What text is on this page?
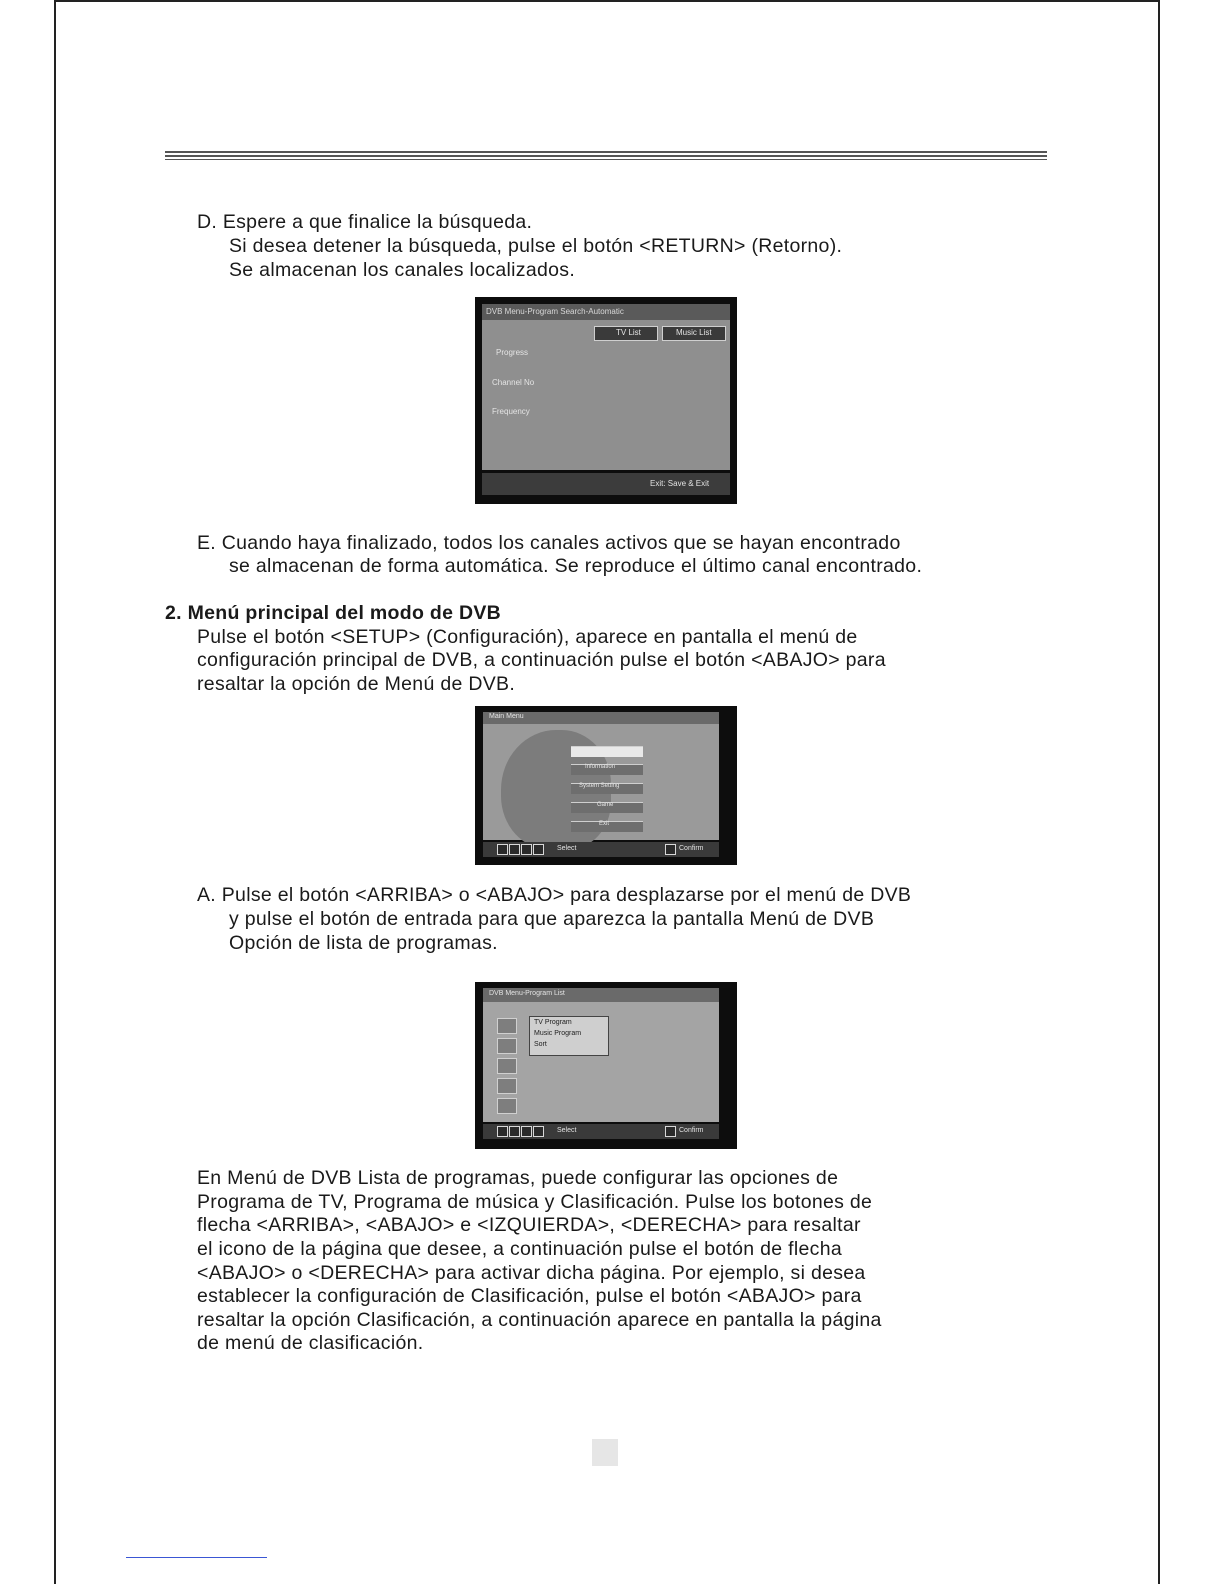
D. Espere a que finalice la búsqueda.

Si desea detener la búsqueda, pulse el botón <RETURN> (Retorno).

Se almacenan los canales localizados.

DVB Menu-Program Search-Automatic
TV List	Music List
Progress
Channel No
Frequency
Exit: Save & Exit

E. Cuando haya finalizado, todos los canales activos que se hayan encontrado

se almacenan de forma automática. Se reproduce el último canal encontrado.

2. Menú principal del modo de DVB

Pulse el botón <SETUP> (Configuración), aparece en pantalla el menú de

configuración principal de DVB, a continuación pulse el botón <ABAJO> para

resaltar la opción de Menú de DVB.

Main Menu
Information
System Setting
Game
Exit
Select	Confirm

A. Pulse el botón <ARRIBA> o <ABAJO> para desplazarse por el menú de DVB

y pulse el botón de entrada para que aparezca la pantalla Menú de DVB

Opción de lista de programas.

DVB Menu-Program List
TV Program
Music Program
Sort
Select	Confirm

En Menú de DVB Lista de programas, puede configurar las opciones de

Programa de TV, Programa de música y Clasificación. Pulse los botones de

flecha <ARRIBA>, <ABAJO> e <IZQUIERDA>, <DERECHA> para resaltar

el icono de la página que desee, a continuación pulse el botón de flecha

<ABAJO> o <DERECHA> para activar dicha página. Por ejemplo, si desea

establecer la configuración de Clasificación, pulse el botón <ABAJO> para

resaltar la opción Clasificación, a continuación aparece en pantalla la página

de menú de clasificación.
